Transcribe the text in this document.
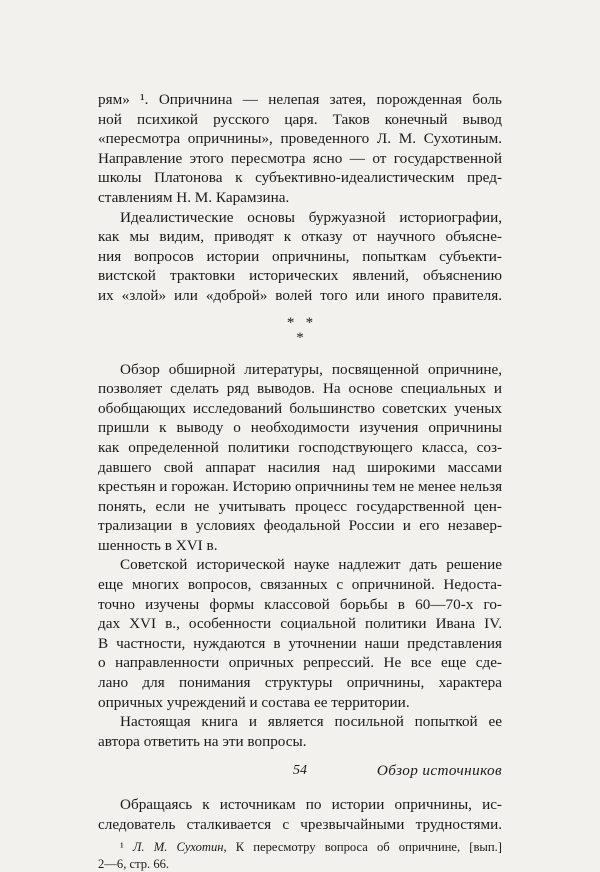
рям» ¹. Опричнина — нелепая затея, порожденная боль
ной психикой русского царя. Таков конечный вывод
«пересмотра опричнины», проведенного Л. М. Сухотиным.
Направление этого пересмотра ясно — от государственной
школы Платонова к субъективно-идеалистическим пред-
ставлениям Н. М. Карамзина.

Идеалистические основы буржуазной историографии,
как мы видим, приводят к отказу от научного объясне-
ния вопросов истории опричнины, попыткам субъекти-
вистской трактовки исторических явлений, объяснению
их «злой» или «доброй» волей того или иного правителя.

*   *
*

Обзор обширной литературы, посвященной опричнине,
позволяет сделать ряд выводов. На основе специальных и
обобщающих исследований большинство советских ученых
пришли к выводу о необходимости изучения опричнины
как определенной политики господствующего класса, соз-
давшего свой аппарат насилия над широкими массами
крестьян и горожан. Историю опричнины тем не менее нельзя
понять, если не учитывать процесс государственной цен-
трализации в условиях феодальной России и его незавер-
шенность в XVI в.

Советской исторической науке надлежит дать решение
еще многих вопросов, связанных с опричниной. Недоста-
точно изучены формы классовой борьбы в 60—70-х го-
дах XVI в., особенности социальной политики Ивана IV.
В частности, нуждаются в уточнении наши представления
о направленности опричных репрессий. Не все еще сде-
лано для понимания структуры опричнины, характера
опричных учреждений и состава ее территории.

Настоящая книга и является посильной попыткой ее
автора ответить на эти вопросы.

Обзор источников

Обращаясь к источникам по истории опричнины, ис-
следователь сталкивается с чрезвычайными трудностями.

¹ Л. М. Сухотин, К пересмотру вопроса об опричнине, [вып.]
2—6, стр. 66.
54
